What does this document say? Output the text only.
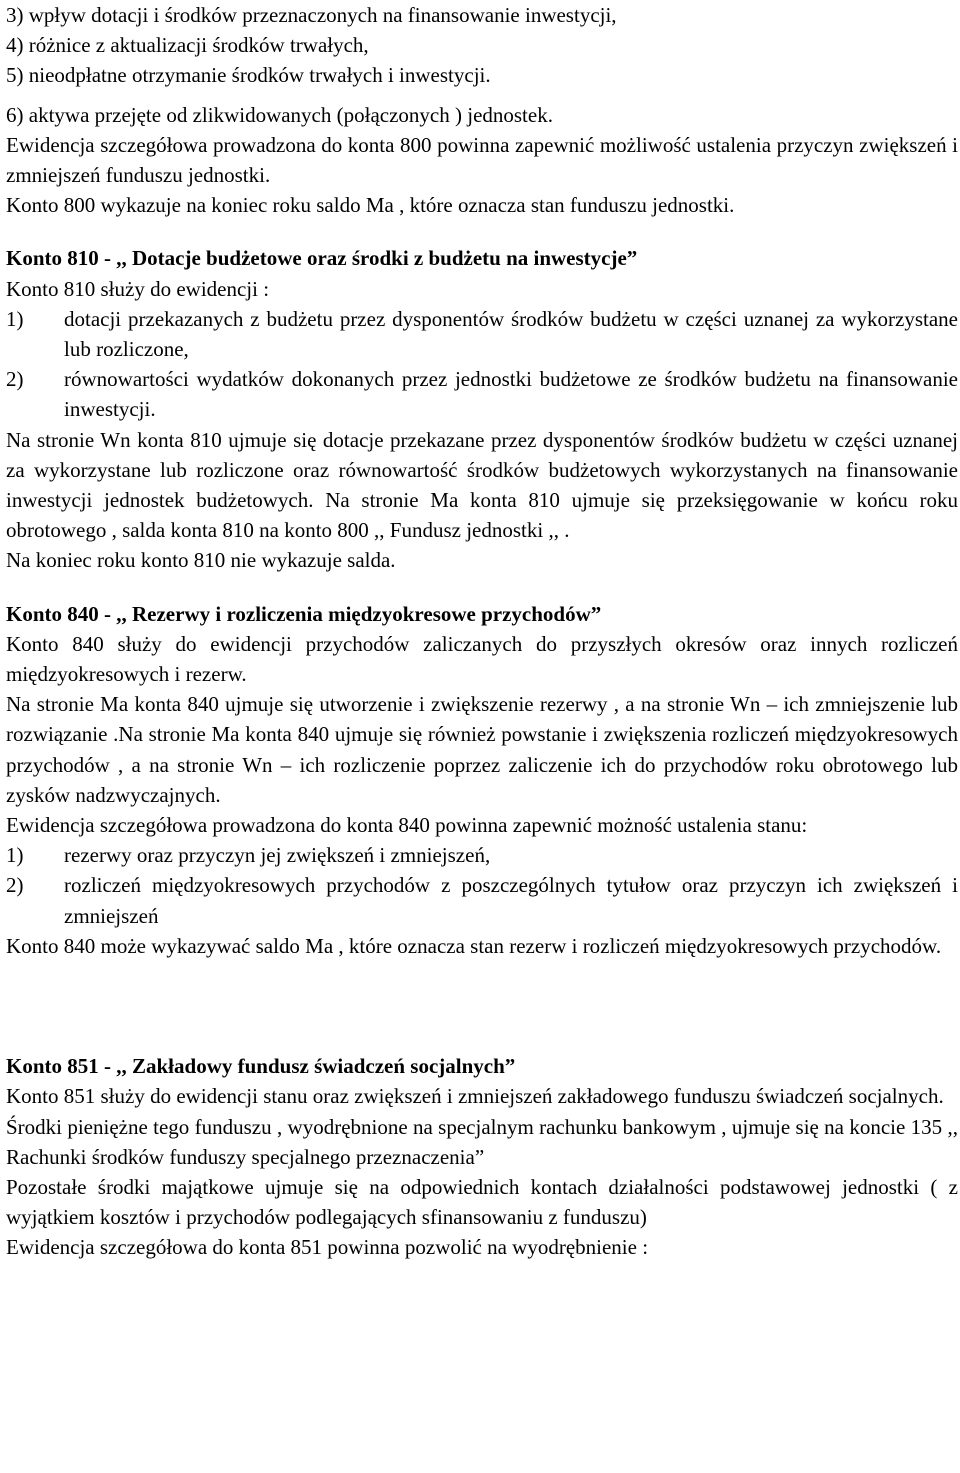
3) wpływ dotacji i środków przeznaczonych na finansowanie inwestycji,

4) różnice z aktualizacji środków trwałych,

5) nieodpłatne otrzymanie środków trwałych i inwestycji.

6) aktywa przejęte od zlikwidowanych (połączonych ) jednostek.

Ewidencja szczegółowa prowadzona do konta 800 powinna zapewnić możliwość ustalenia przyczyn zwiększeń i zmniejszeń funduszu jednostki.

Konto 800 wykazuje na koniec roku saldo Ma , które oznacza stan funduszu jednostki.

Konto 810 - ,, Dotacje budżetowe oraz środki z budżetu na inwestycje”

Konto 810 służy do ewidencji :

1)	dotacji przekazanych z budżetu przez dysponentów środków budżetu w części uznanej za wykorzystane lub rozliczone,
2)	równowartości wydatków dokonanych przez jednostki budżetowe ze środków budżetu na finansowanie inwestycji.

Na stronie Wn konta 810 ujmuje się dotacje przekazane przez dysponentów środków budżetu w części uznanej za wykorzystane lub rozliczone oraz równowartość środków budżetowych wykorzystanych na finansowanie inwestycji jednostek budżetowych. Na stronie Ma konta 810 ujmuje się przeksięgowanie w końcu roku obrotowego , salda konta 810 na konto 800 ,, Fundusz jednostki ,, .

Na koniec roku konto 810 nie wykazuje salda.

Konto 840 - ,, Rezerwy i rozliczenia międzyokresowe przychodów”

Konto 840 służy do ewidencji przychodów zaliczanych do przyszłych okresów oraz innych rozliczeń międzyokresowych i rezerw.

Na stronie Ma konta 840 ujmuje się utworzenie i zwiększenie rezerwy , a na stronie Wn – ich zmniejszenie lub rozwiązanie .Na stronie Ma konta 840 ujmuje się również powstanie i zwiększenia rozliczeń międzyokresowych przychodów , a na stronie Wn – ich rozliczenie poprzez zaliczenie ich do przychodów roku obrotowego lub zysków nadzwyczajnych.

Ewidencja szczegółowa prowadzona do konta 840 powinna zapewnić możność ustalenia stanu:

1)	rezerwy oraz przyczyn jej zwiększeń i zmniejszeń,
2)	rozliczeń międzyokresowych przychodów z poszczególnych tytułow oraz przyczyn ich zwiększeń i zmniejszeń

Konto 840 może wykazywać saldo Ma , które oznacza stan rezerw i rozliczeń międzyokresowych przychodów.

Konto 851 - ,, Zakładowy fundusz świadczeń socjalnych”

Konto 851 służy do ewidencji stanu oraz zwiększeń i zmniejszeń zakładowego funduszu świadczeń socjalnych.

Środki pieniężne tego funduszu , wyodrębnione na specjalnym rachunku bankowym , ujmuje się na koncie 135 ,, Rachunki środków funduszy specjalnego przeznaczenia”

Pozostałe środki majątkowe ujmuje się na odpowiednich kontach działalności podstawowej jednostki ( z wyjątkiem kosztów i przychodów podlegających sfinansowaniu z funduszu)

Ewidencja szczegółowa do konta 851 powinna pozwolić na wyodrębnienie :
